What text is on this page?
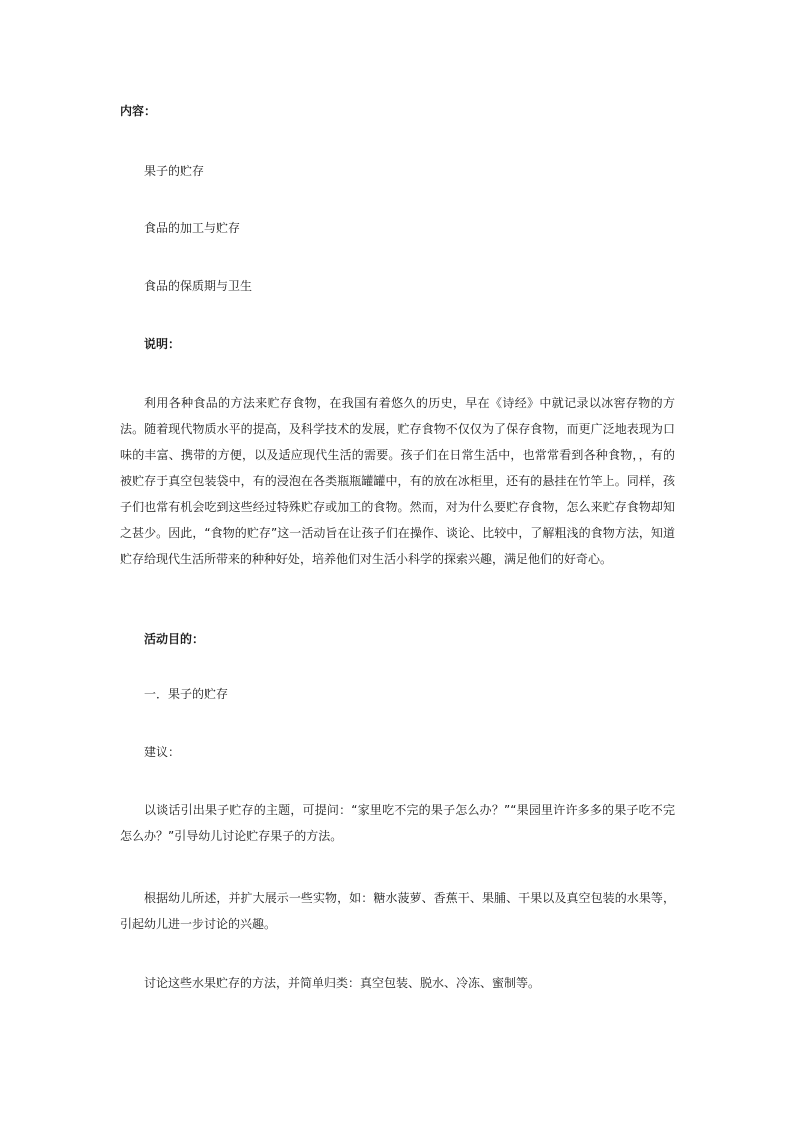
内容：
果子的贮存
食品的加工与贮存
食品的保质期与卫生
说明：
利用各种食品的方法来贮存食物，在我国有着悠久的历史，早在《诗经》中就记录以冰窖存物的方法。随着现代物质水平的提高，及科学技术的发展，贮存食物不仅仅为了保存食物，而更广泛地表现为口味的丰富、携带的方便，以及适应现代生活的需要。孩子们在日常生活中，也常常看到各种食物，，有的被贮存于真空包装袋中，有的浸泡在各类瓶瓶罐罐中，有的放在冰柜里，还有的悬挂在竹竿上。同样，孩子们也常有机会吃到这些经过特殊贮存或加工的食物。然而，对为什么要贮存食物，怎么来贮存食物却知之甚少。因此，“食物的贮存”这一活动旨在让孩子们在操作、谈论、比较中，了解粗浅的食物方法，知道贮存给现代生活所带来的种种好处，培养他们对生活小科学的探索兴趣，满足他们的好奇心。
活动目的：
一．果子的贮存
建议：
以谈话引出果子贮存的主题，可提问：“家里吃不完的果子怎么办？”“果园里许许多多的果子吃不完怎么办？”引导幼儿讨论贮存果子的方法。
根据幼儿所述，并扩大展示一些实物，如：糖水菠萝、香蕉干、果脯、干果以及真空包装的水果等，引起幼儿进一步讨论的兴趣。
讨论这些水果贮存的方法，并简单归类：真空包装、脱水、冷冻、蜜制等。
